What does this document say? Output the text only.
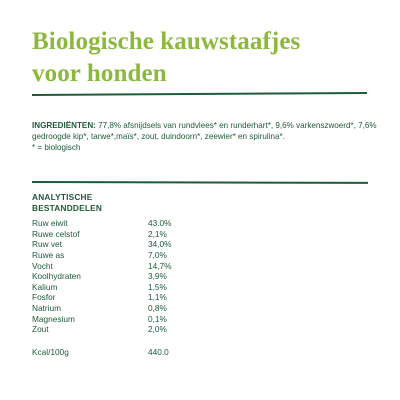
Biologische kauwstaafjes
voor honden
INGREDIËNTEN: 77,8% afsnijdsels van rundvlees* en runderhart*, 9,6% varkenszwoerd*, 7,6% gedroogde kip*, tarwe*,maïs*, zout, duindoorn*, zeewier* en spirulina*.
* = biologisch
ANALYTISCHE
BESTANDDELEN
Ruw eiwit	43.0%
Ruwe celstof	2,1%
Ruw vet	34,0%
Ruwe as	7,0%
Vocht	14,7%
Koolhydraten	3,9%
Kalium	1,5%
Fosfor	1,1%
Natrium	0,8%
Magnesium	0,1%
Zout	2,0%
Kcal/100g	440.0
